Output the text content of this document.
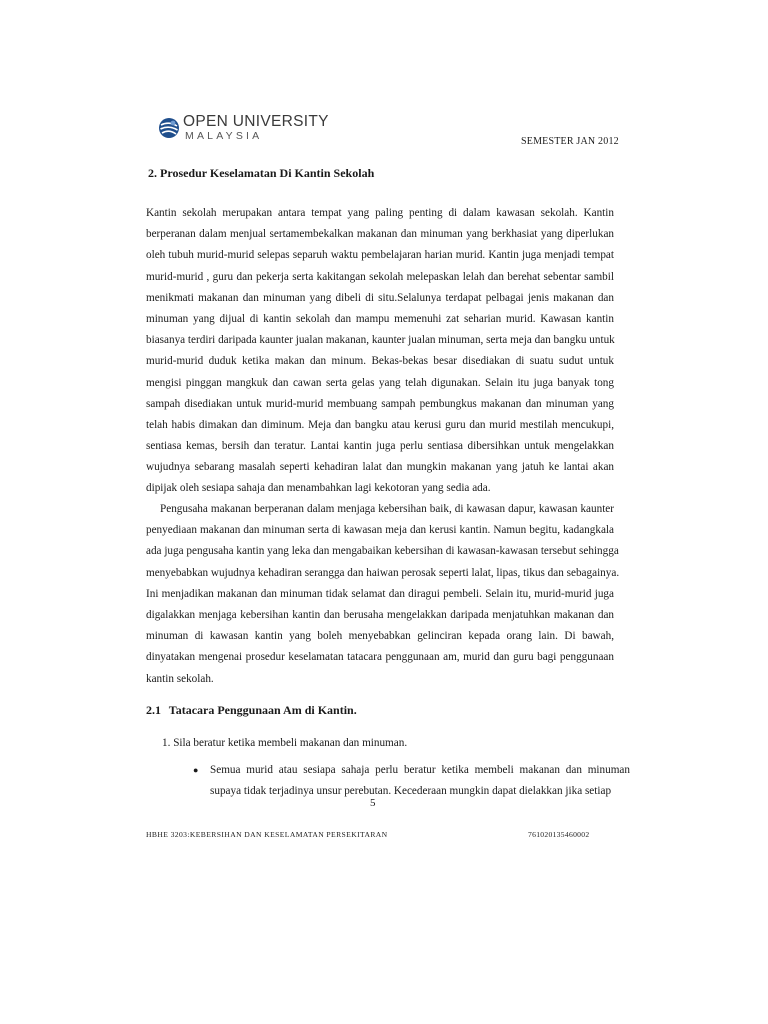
OPEN UNIVERSITY
MALAYSIA	SEMESTER JAN 2012
2. Prosedur Keselamatan Di Kantin Sekolah
Kantin sekolah merupakan antara tempat yang paling penting di dalam kawasan sekolah. Kantin
berperanan dalam menjual sertamembekalkan makanan dan minuman yang berkhasiat yang diperlukan
oleh tubuh murid-murid selepas separuh waktu pembelajaran harian murid. Kantin juga menjadi tempat
murid-murid , guru dan pekerja serta kakitangan sekolah melepaskan lelah dan berehat sebentar sambil
menikmati makanan dan minuman yang dibeli di situ.Selalunya terdapat pelbagai jenis makanan dan
minuman yang dijual di kantin sekolah dan mampu memenuhi zat seharian murid. Kawasan kantin
biasanya terdiri daripada kaunter jualan makanan, kaunter jualan minuman, serta meja dan bangku untuk
murid-murid duduk ketika makan dan minum. Bekas-bekas besar disediakan di suatu sudut untuk
mengisi pinggan mangkuk dan cawan serta gelas yang telah digunakan. Selain itu juga banyak tong
sampah disediakan untuk murid-murid membuang sampah pembungkus makanan dan minuman yang
telah habis dimakan dan diminum. Meja dan bangku atau kerusi guru dan murid mestilah mencukupi,
sentiasa kemas, bersih dan teratur. Lantai kantin juga perlu sentiasa dibersihkan untuk mengelakkan
wujudnya sebarang masalah seperti kehadiran lalat dan mungkin makanan yang jatuh ke lantai akan
dipijak oleh sesiapa sahaja dan menambahkan lagi kekotoran yang sedia ada.
Pengusaha makanan berperanan dalam menjaga kebersihan baik, di kawasan dapur, kawasan kaunter
penyediaan makanan dan minuman serta di kawasan meja dan kerusi kantin. Namun begitu, kadangkala
ada juga pengusaha kantin yang leka dan mengabaikan kebersihan di kawasan-kawasan tersebut sehingga
menyebabkan wujudnya kehadiran serangga dan haiwan perosak seperti lalat, lipas, tikus dan sebagainya.
Ini menjadikan makanan dan minuman tidak selamat dan diragui pembeli. Selain itu, murid-murid juga
digalakkan menjaga kebersihan kantin dan berusaha mengelakkan daripada menjatuhkan makanan dan
minuman di kawasan kantin yang boleh menyebabkan gelinciran kepada orang lain. Di bawah,
dinyatakan mengenai prosedur keselamatan tatacara penggunaan am, murid dan guru bagi penggunaan
kantin sekolah.
2.1 Tatacara Penggunaan Am di Kantin.
1. Sila beratur ketika membeli makanan dan minuman.
●	Semua murid atau sesiapa sahaja perlu beratur ketika membeli makanan dan minuman
supaya tidak terjadinya unsur perebutan. Kecederaan mungkin dapat dielakkan jika setiap
5
HBHE 3203:KEBERSIHAN DAN KESELAMATAN PERSEKITARAN	761020135460002
